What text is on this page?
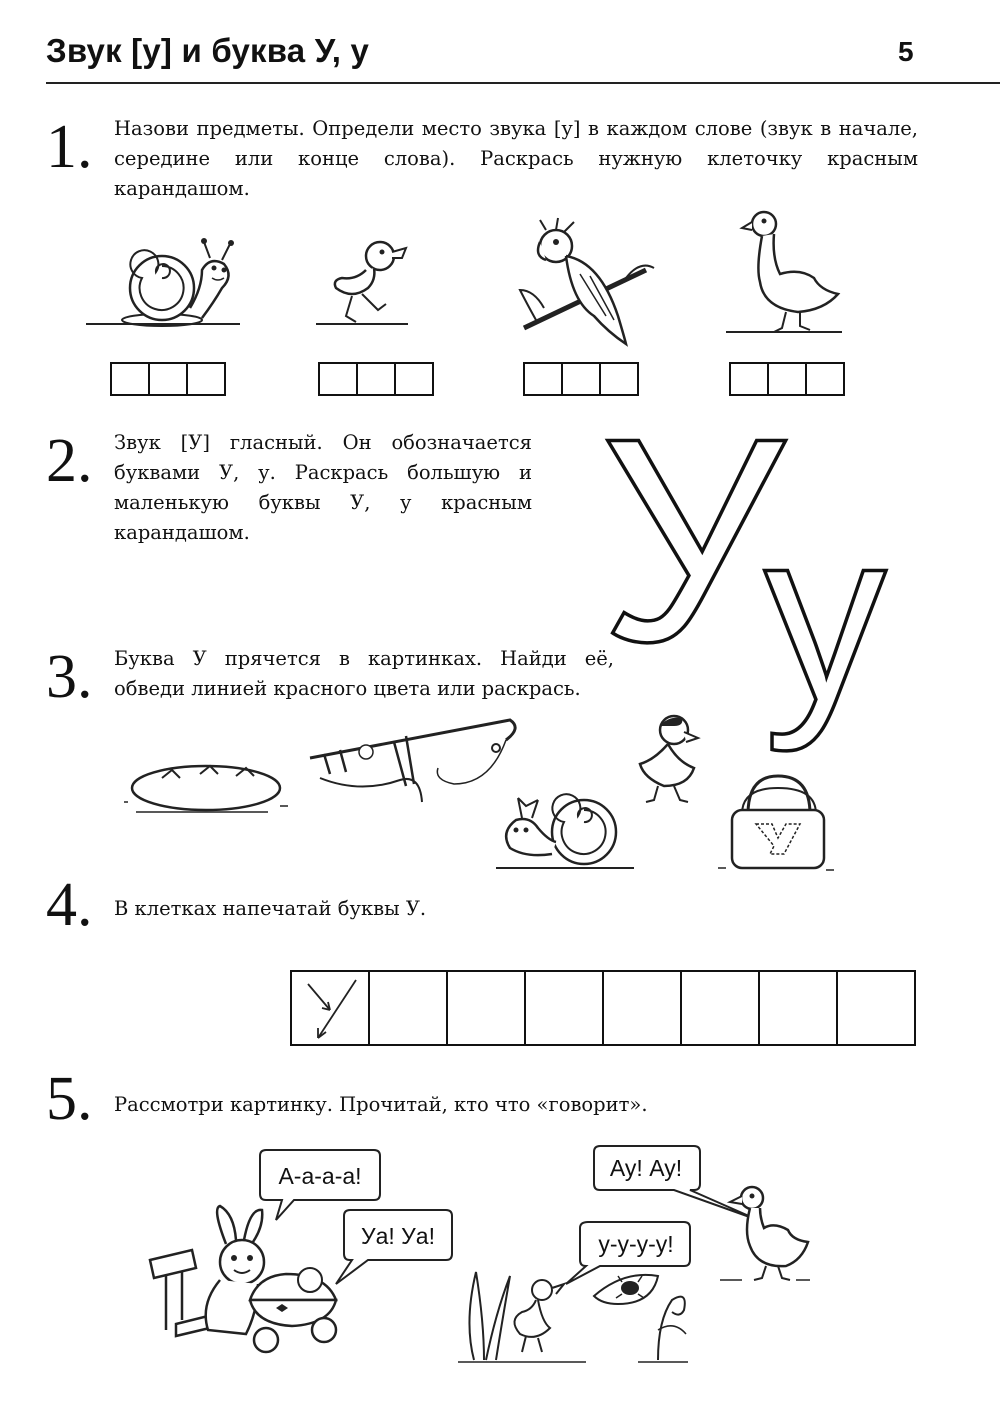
Звук [у] и буква У, у	5
1. Назови предметы. Определи место звука [у] в каждом слове (звук в начале, середине или конце слова). Раскрась нужную клеточку красным карандашом.
2. Звук [У] гласный. Он обозначается буквами У, у. Раскрась большую и маленькую буквы У, у красным карандашом.	У
у
3. Буква У прячется в картинках. Найди её, обведи линией красного цвета или раскрась.
4. В клетках напечатай буквы У.
5. Рассмотри картинку. Прочитай, кто что «говорит».
А-а-а-а!
Уа! Уа!
Ау! Ау!
у-у-у-у!
